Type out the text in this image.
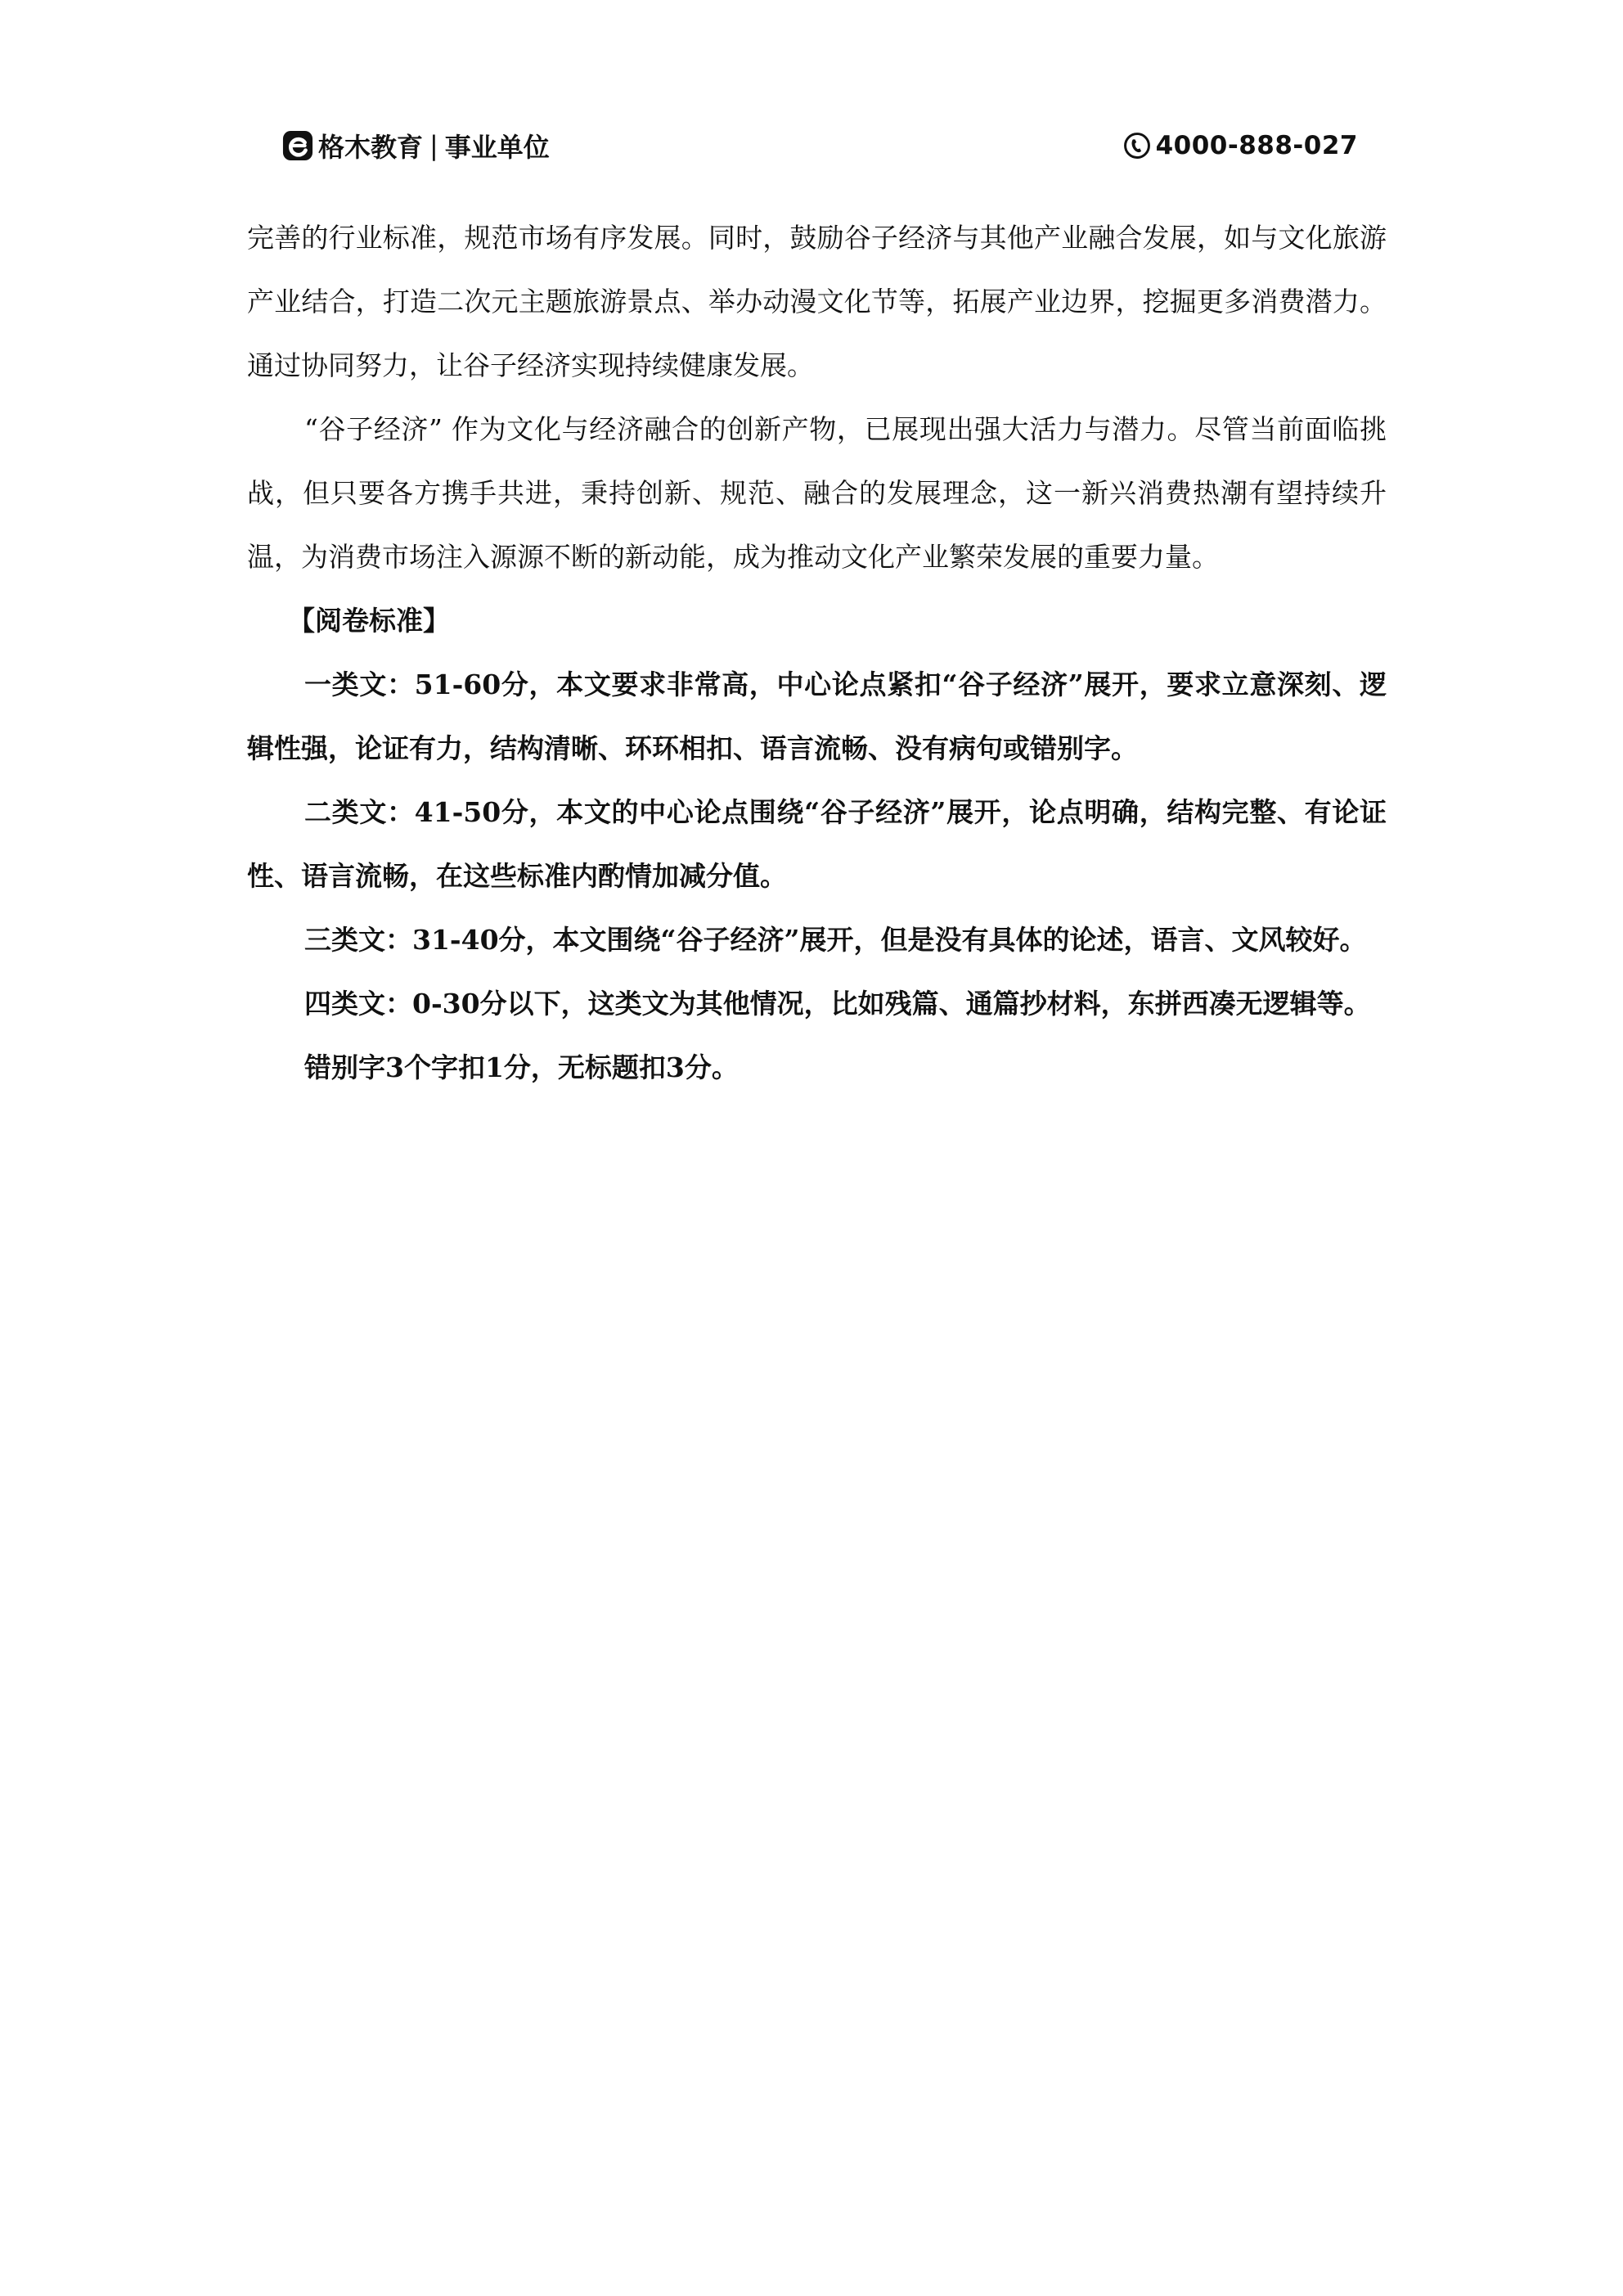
格木教育 | 事业单位	4000-888-027

完善的行业标准，规范市场有序发展。同时，鼓励谷子经济与其他产业融合发展，如与文化旅游产业结合，打造二次元主题旅游景点、举办动漫文化节等，拓展产业边界，挖掘更多消费潜力。通过协同努力，让谷子经济实现持续健康发展。

“谷子经济” 作为文化与经济融合的创新产物，已展现出强大活力与潜力。尽管当前面临挑战，但只要各方携手共进，秉持创新、规范、融合的发展理念，这一新兴消费热潮有望持续升温，为消费市场注入源源不断的新动能，成为推动文化产业繁荣发展的重要力量。

【阅卷标准】

一类文：51-60分，本文要求非常高，中心论点紧扣“谷子经济”展开，要求立意深刻、逻辑性强，论证有力，结构清晰、环环相扣、语言流畅、没有病句或错别字。

二类文：41-50分，本文的中心论点围绕“谷子经济”展开，论点明确，结构完整、有论证性、语言流畅，在这些标准内酌情加减分值。

三类文：31-40分，本文围绕“谷子经济”展开，但是没有具体的论述，语言、文风较好。

四类文：0-30分以下，这类文为其他情况，比如残篇、通篇抄材料，东拼西凑无逻辑等。

错别字3个字扣1分，无标题扣3分。
